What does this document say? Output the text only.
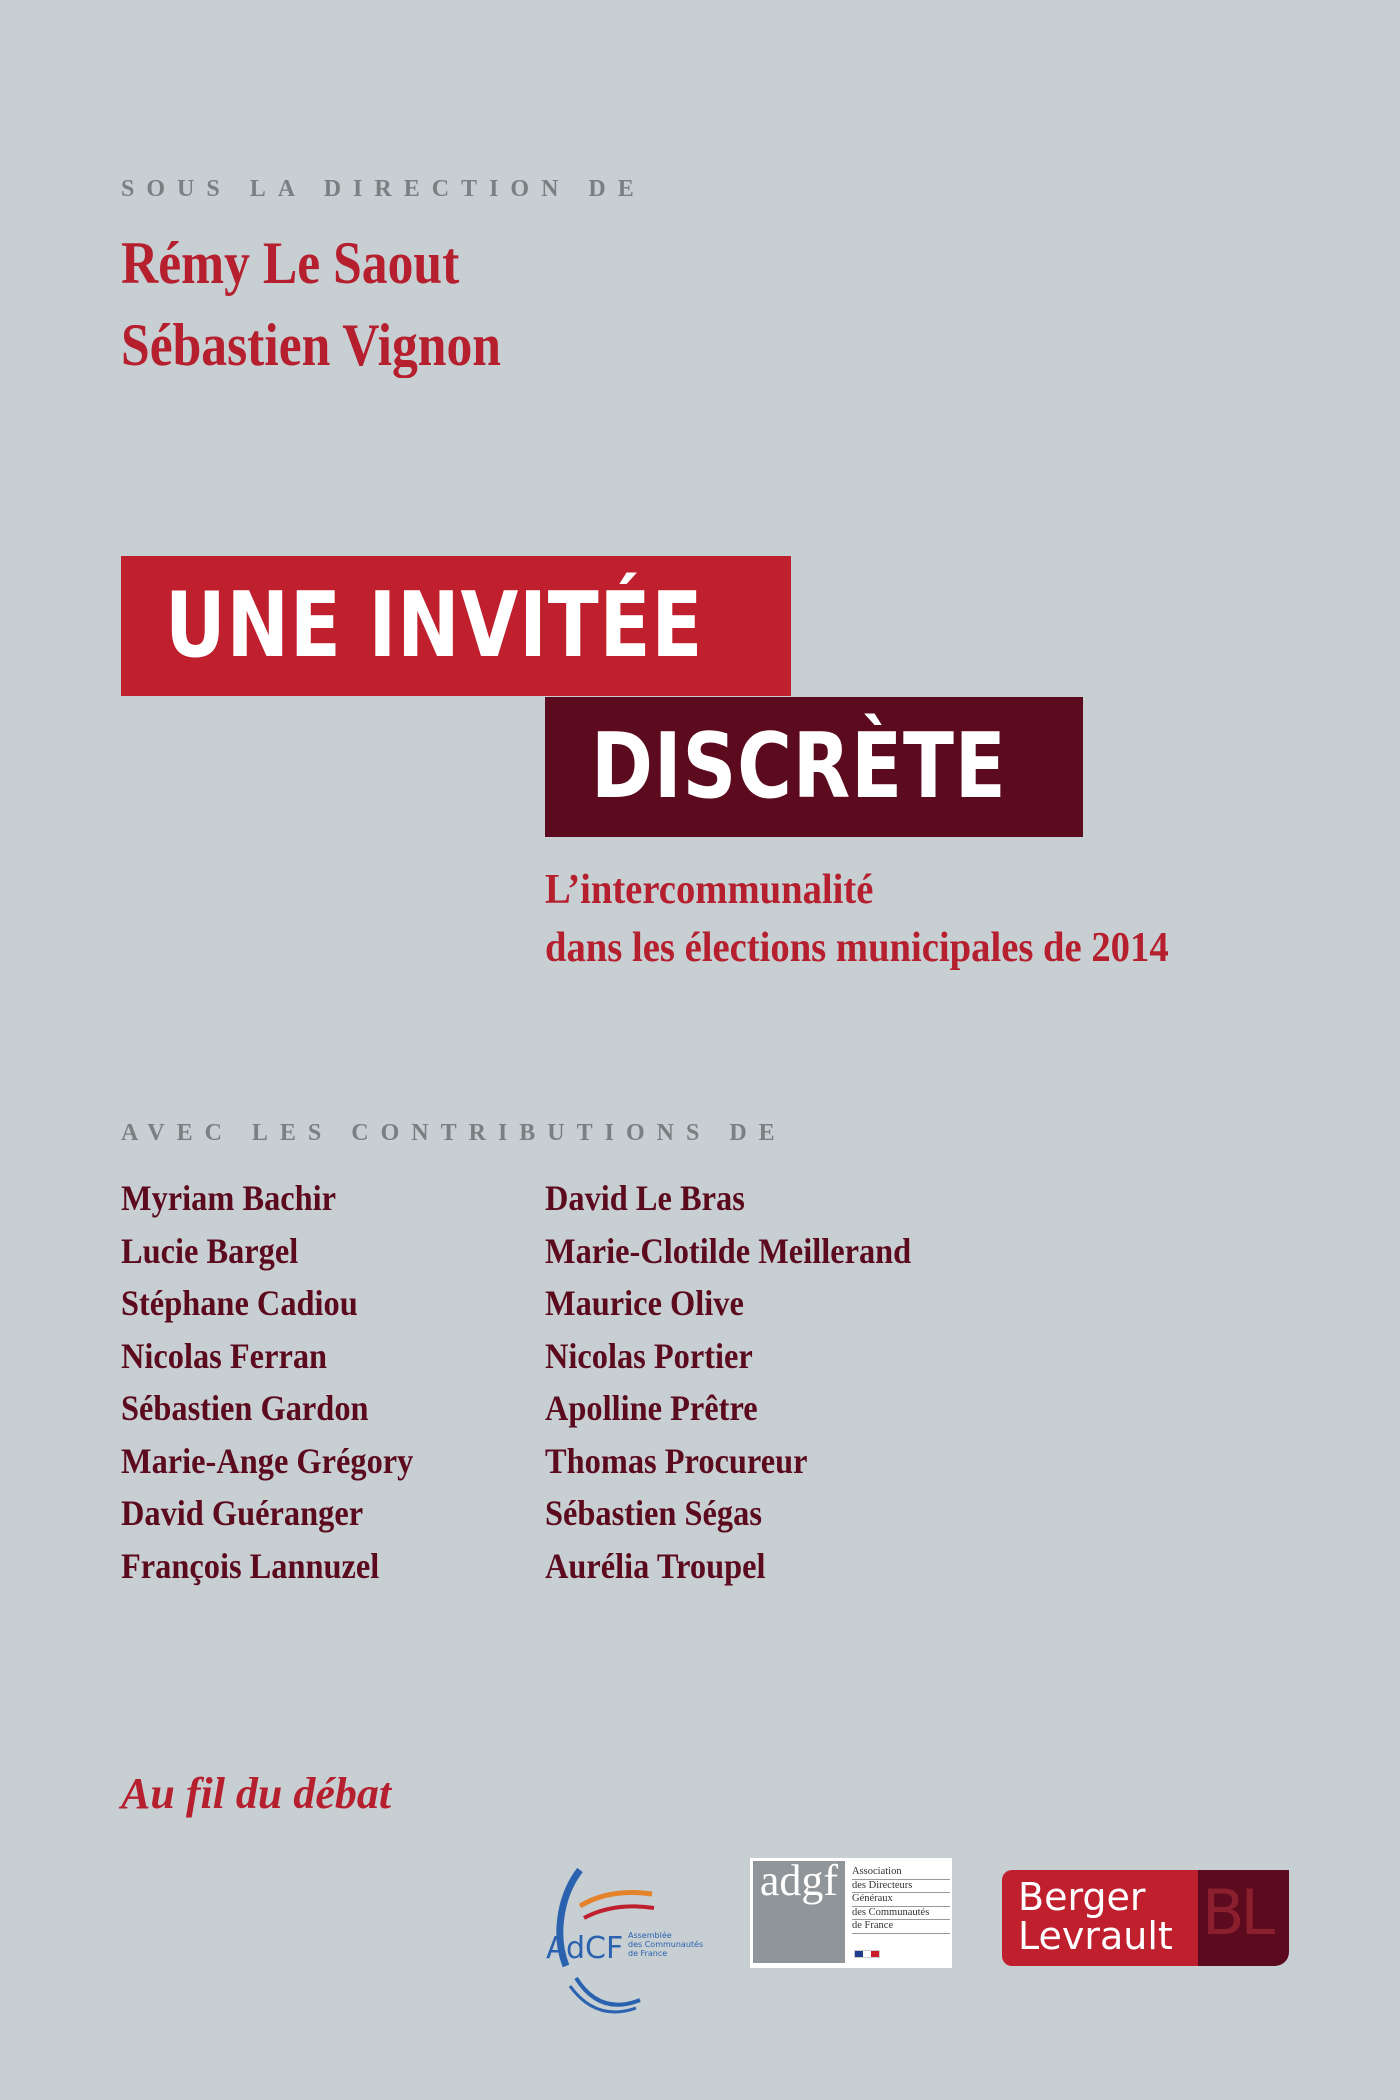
SOUS LA DIRECTION DE
Rémy Le Saout
Sébastien Vignon
UNE INVITÉE
DISCRÈTE
L’intercommunalité
dans les élections municipales de 2014
AVEC LES CONTRIBUTIONS DE
Myriam Bachir
Lucie Bargel
Stéphane Cadiou
Nicolas Ferran
Sébastien Gardon
Marie-Ange Grégory
David Guéranger
François Lannuzel
David Le Bras
Marie-Clotilde Meillerand
Maurice Olive
Nicolas Portier
Apolline Prêtre
Thomas Procureur
Sébastien Ségas
Aurélia Troupel
Au fil du débat
AdCF Assemblée
des Communautés
de France
adgf	Association
des Directeurs
Généraux
des Communautés
de France	BL
Berger
Levrault
